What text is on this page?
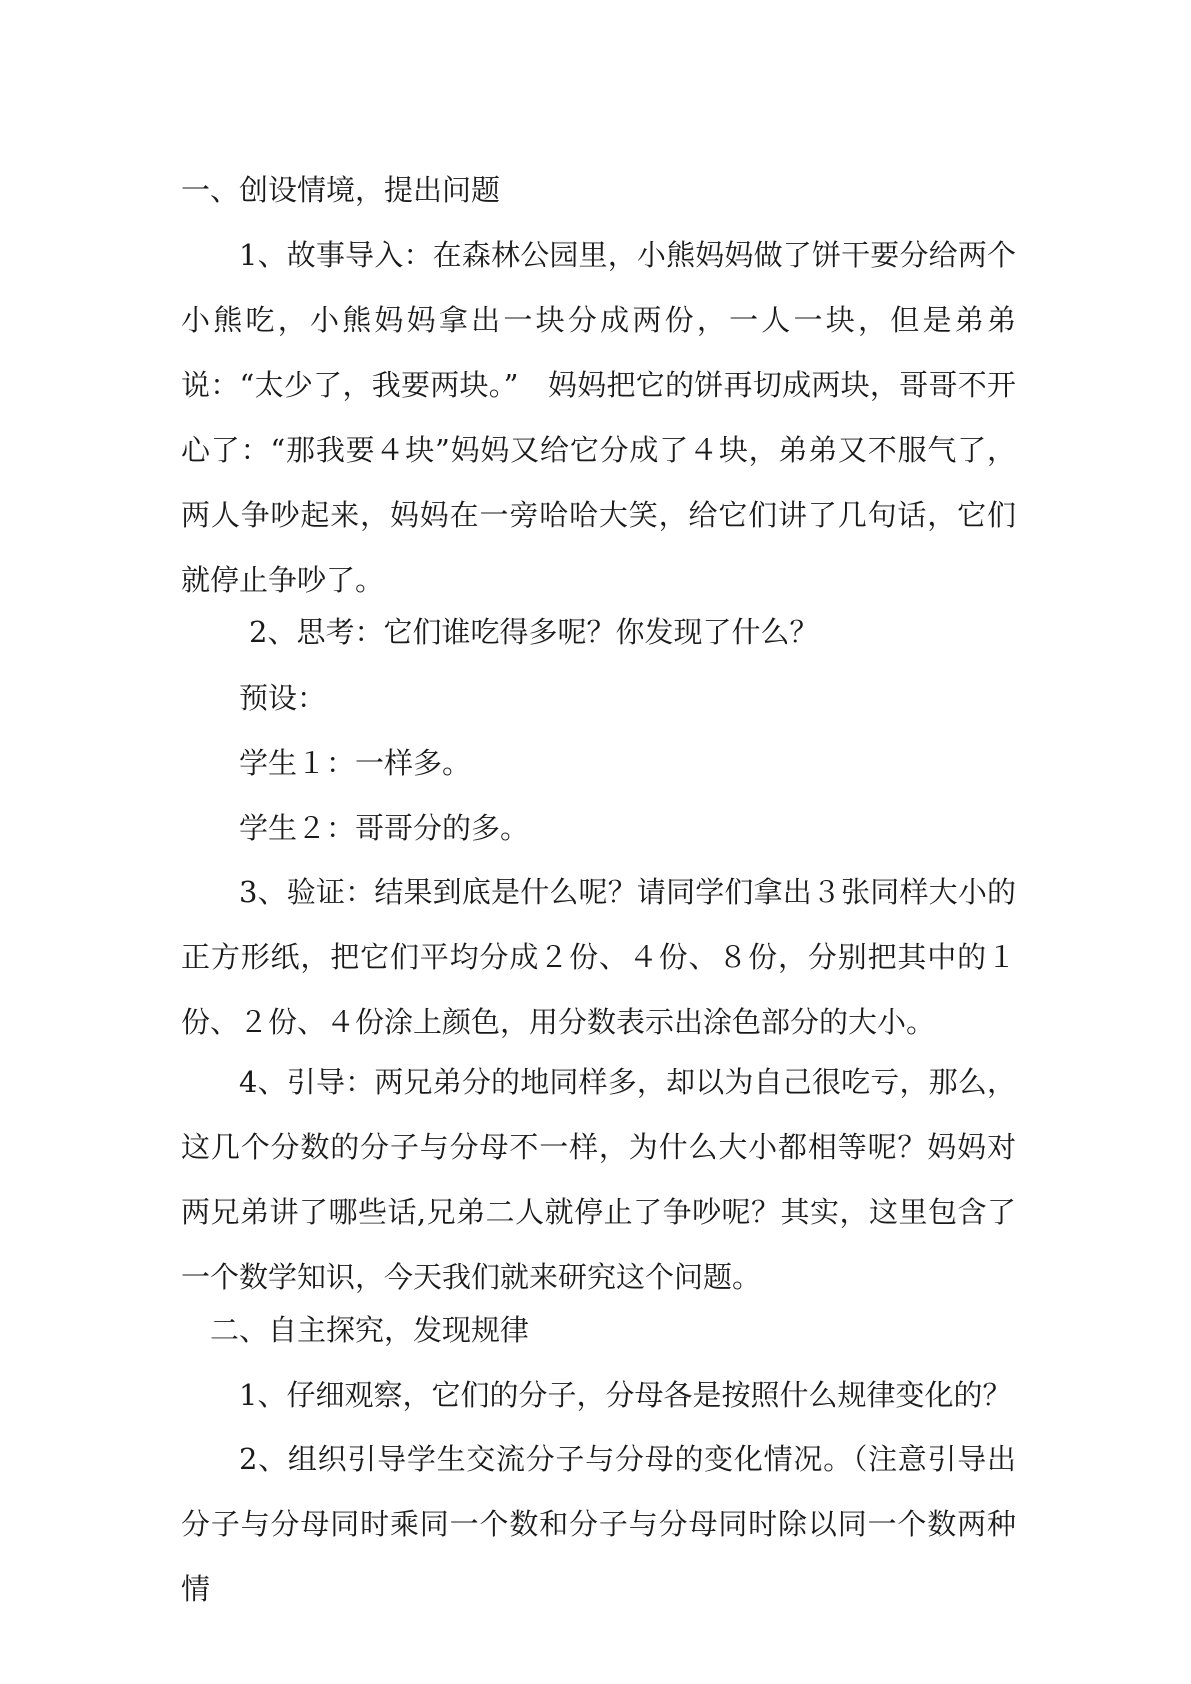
一、创设情境，提出问题
1、故事导入：在森林公园里，小熊妈妈做了饼干要分给两个小熊吃，小熊妈妈拿出一块分成两份，一人一块，但是弟弟说：“太少了，我要两块。”　妈妈把它的饼再切成两块，哥哥不开心了：“那我要４块”妈妈又给它分成了４块，弟弟又不服气了，两人争吵起来，妈妈在一旁哈哈大笑，给它们讲了几句话，它们就停止争吵了。
2、思考：它们谁吃得多呢？你发现了什么？
预设：
学生１：一样多。
学生２：哥哥分的多。
3、验证：结果到底是什么呢？请同学们拿出３张同样大小的正方形纸，把它们平均分成２份、４份、８份，分别把其中的１份、２份、４份涂上颜色，用分数表示出涂色部分的大小。
4、引导：两兄弟分的地同样多，却以为自己很吃亏，那么，这几个分数的分子与分母不一样，为什么大小都相等呢？妈妈对两兄弟讲了哪些话,兄弟二人就停止了争吵呢？其实，这里包含了一个数学知识，今天我们就来研究这个问题。
二、自主探究，发现规律
1、仔细观察，它们的分子，分母各是按照什么规律变化的？
2、组织引导学生交流分子与分母的变化情况。（注意引导出分子与分母同时乘同一个数和分子与分母同时除以同一个数两种情
